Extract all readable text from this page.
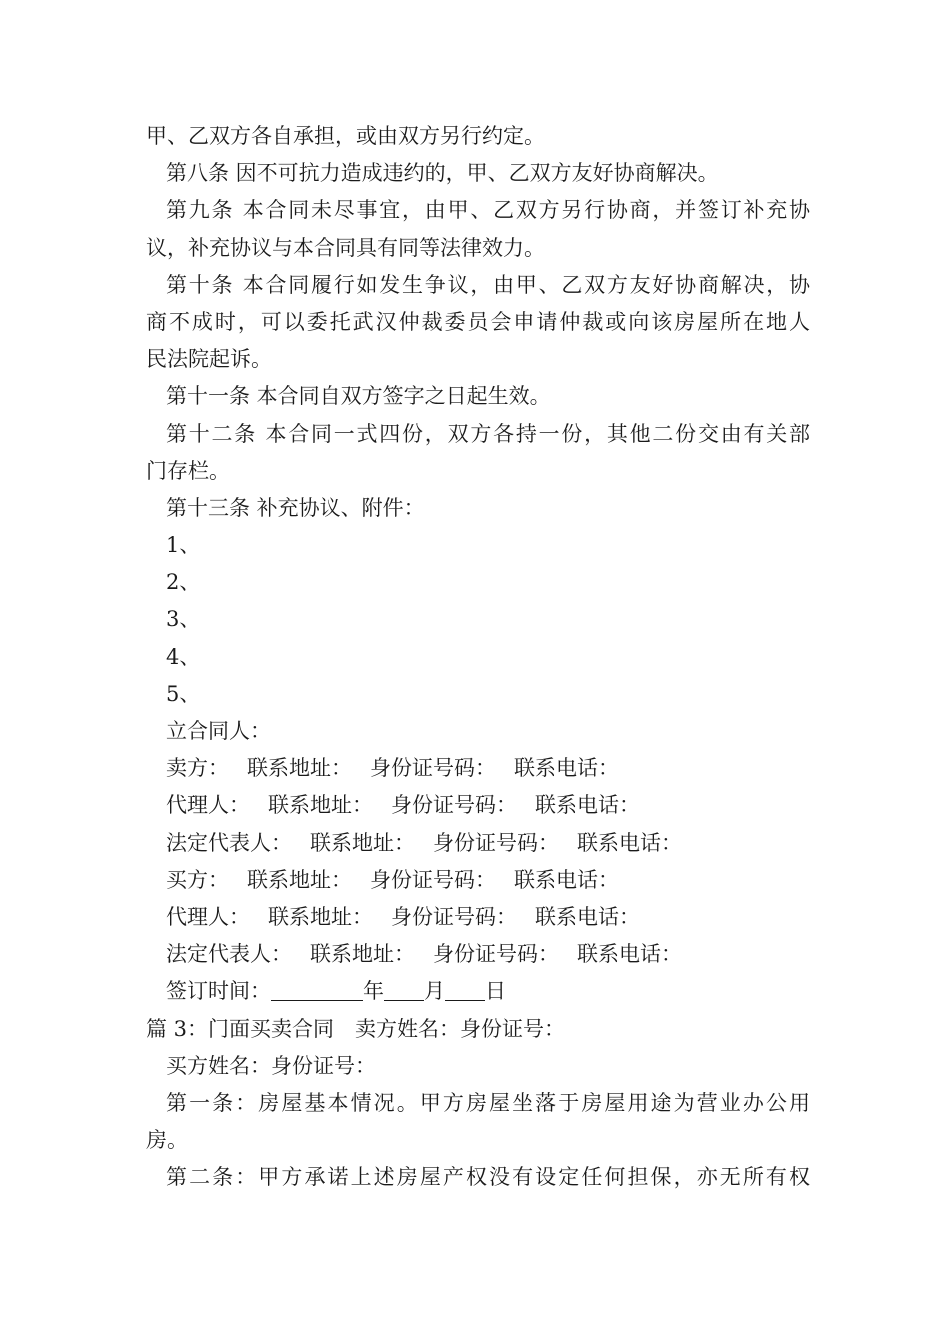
甲、乙双方各自承担，或由双方另行约定。
第八条 因不可抗力造成违约的，甲、乙双方友好协商解决。
第九条 本合同未尽事宜，由甲、乙双方另行协商，并签订补充协
议，补充协议与本合同具有同等法律效力。
第十条 本合同履行如发生争议，由甲、乙双方友好协商解决，协
商不成时，可以委托武汉仲裁委员会申请仲裁或向该房屋所在地人
民法院起诉。
第十一条 本合同自双方签字之日起生效。
第十二条 本合同一式四份，双方各持一份，其他二份交由有关部
门存栏。
第十三条 补充协议、附件：
1、
2、
3、
4、
5、
立合同人：
卖方： 联系地址： 身份证号码： 联系电话：
代理人： 联系地址： 身份证号码： 联系电话：
法定代表人： 联系地址： 身份证号码： 联系电话：
买方： 联系地址： 身份证号码： 联系电话：
代理人： 联系地址： 身份证号码： 联系电话：
法定代表人： 联系地址： 身份证号码： 联系电话：
签订时间：	年 月 日
篇 3：门面买卖合同　卖方姓名：身份证号：
买方姓名：身份证号：
第一条：房屋基本情况。甲方房屋坐落于房屋用途为营业办公用
房。
第二条：甲方承诺上述房屋产权没有设定任何担保，亦无所有权
